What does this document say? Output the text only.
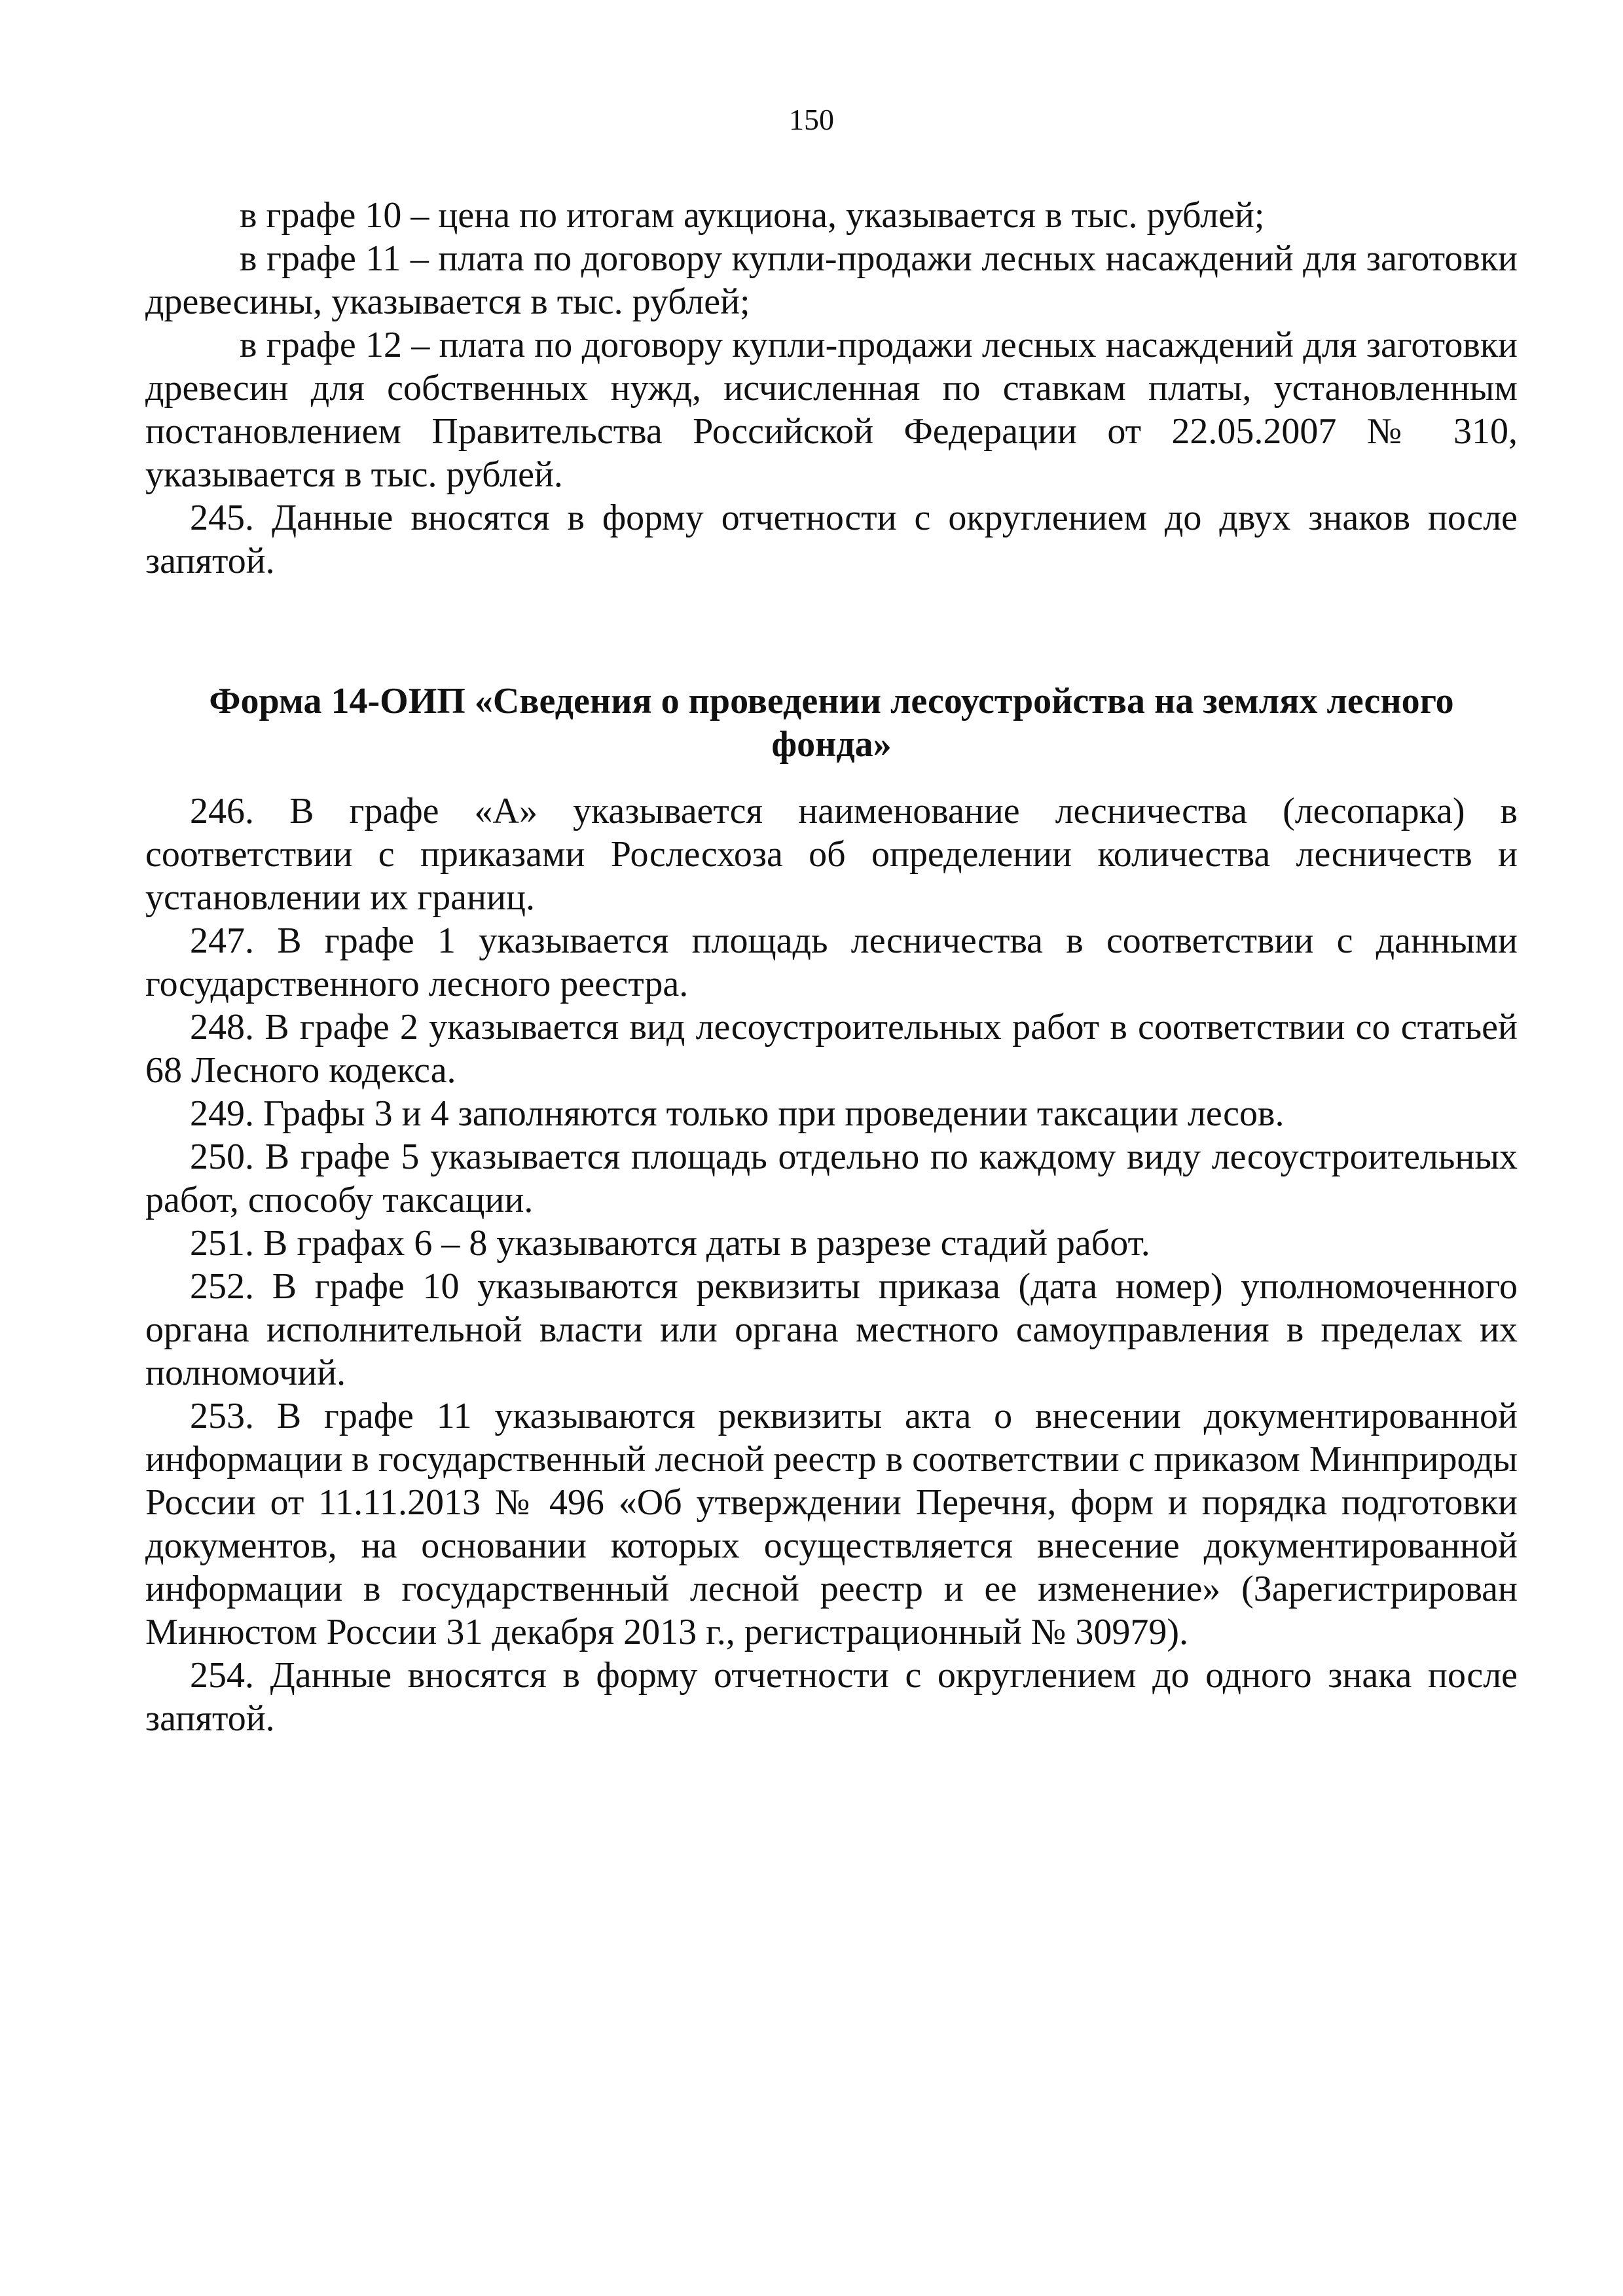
150

в графе 10 – цена по итогам аукциона, указывается в тыс. рублей;

в графе 11 – плата по договору купли-продажи лесных насаждений для заготовки древесины, указывается в тыс. рублей;

в графе 12 – плата по договору купли-продажи лесных насаждений для заготовки древесин для собственных нужд, исчисленная по ставкам платы, установленным постановлением Правительства Российской Федерации от 22.05.2007 № 310, указывается в тыс. рублей.

245. Данные вносятся в форму отчетности с округлением до двух знаков после запятой.

Форма 14-ОИП «Сведения о проведении лесоустройства на землях лесного фонда»

246. В графе «А» указывается наименование лесничества (лесопарка) в соответствии с приказами Рослесхоза об определении количества лесничеств и установлении их границ.

247. В графе 1 указывается площадь лесничества в соответствии с данными государственного лесного реестра.

248. В графе 2 указывается вид лесоустроительных работ в соответствии со статьей 68 Лесного кодекса.

249. Графы 3 и 4 заполняются только при проведении таксации лесов.

250. В графе 5 указывается площадь отдельно по каждому виду лесоустроительных работ, способу таксации.

251. В графах 6 – 8 указываются даты в разрезе стадий работ.

252. В графе 10 указываются реквизиты приказа (дата номер) уполномоченного органа исполнительной власти или органа местного самоуправления в пределах их полномочий.

253. В графе 11 указываются реквизиты акта о внесении документированной информации в государственный лесной реестр в соответствии с приказом Минприроды России от 11.11.2013 № 496 «Об утверждении Перечня, форм и порядка подготовки документов, на основании которых осуществляется внесение документированной информации в государственный лесной реестр и ее изменение» (Зарегистрирован Минюстом России 31 декабря 2013 г., регистрационный № 30979).

254. Данные вносятся в форму отчетности с округлением до одного знака после запятой.
